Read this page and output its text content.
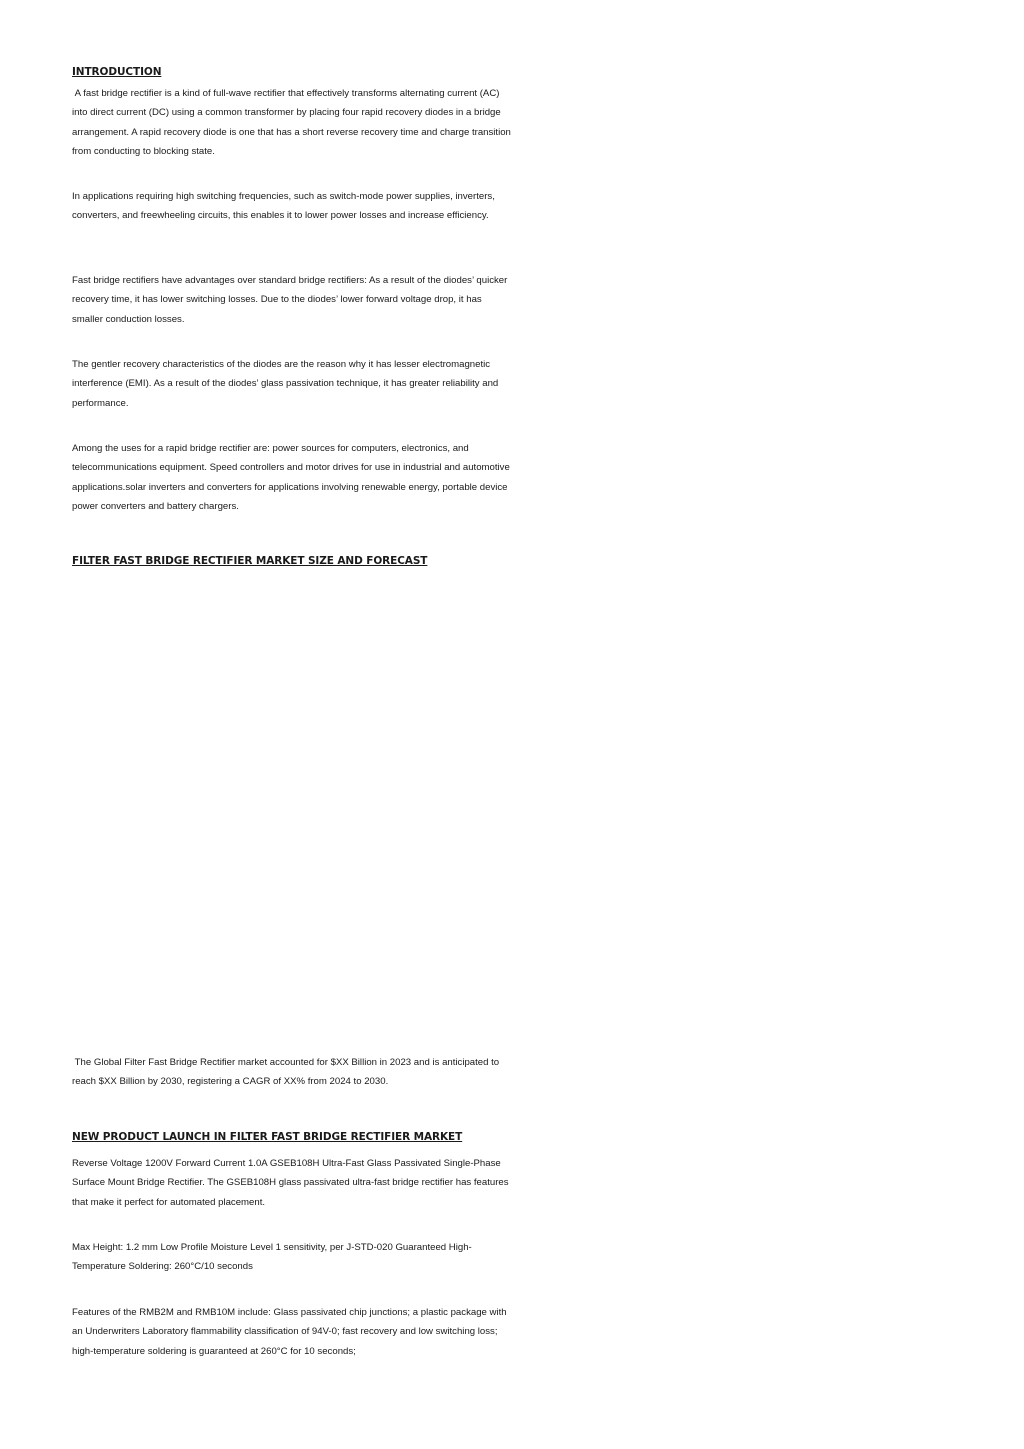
INTRODUCTION

A fast bridge rectifier is a kind of full-wave rectifier that effectively transforms alternating current (AC) into direct current (DC) using a common transformer by placing four rapid recovery diodes in a bridge arrangement. A rapid recovery diode is one that has a short reverse recovery time and charge transition from conducting to blocking state.

In applications requiring high switching frequencies, such as switch-mode power supplies, inverters, converters, and freewheeling circuits, this enables it to lower power losses and increase efficiency.

Fast bridge rectifiers have advantages over standard bridge rectifiers: As a result of the diodes’ quicker recovery time, it has lower switching losses. Due to the diodes’ lower forward voltage drop, it has smaller conduction losses.

The gentler recovery characteristics of the diodes are the reason why it has lesser electromagnetic interference (EMI). As a result of the diodes’ glass passivation technique, it has greater reliability and performance.

Among the uses for a rapid bridge rectifier are: power sources for computers, electronics, and telecommunications equipment. Speed controllers and motor drives for use in industrial and automotive applications.solar inverters and converters for applications involving renewable energy, portable device power converters and battery chargers.

FILTER FAST BRIDGE RECTIFIER MARKET SIZE AND FORECAST

The Global Filter Fast Bridge Rectifier market accounted for $XX Billion in 2023 and is anticipated to reach $XX Billion by 2030, registering a CAGR of XX% from 2024 to 2030.

NEW PRODUCT LAUNCH IN FILTER FAST BRIDGE RECTIFIER MARKET

Reverse Voltage 1200V Forward Current 1.0A GSEB108H Ultra-Fast Glass Passivated Single-Phase Surface Mount Bridge Rectifier. The GSEB108H glass passivated ultra-fast bridge rectifier has features that make it perfect for automated placement.

Max Height: 1.2 mm Low Profile Moisture Level 1 sensitivity, per J-STD-020 Guaranteed High-Temperature Soldering: 260°C/10 seconds

Features of the RMB2M and RMB10M include: Glass passivated chip junctions; a plastic package with an Underwriters Laboratory flammability classification of 94V-0; fast recovery and low switching loss; high-temperature soldering is guaranteed at 260°C for 10 seconds;
